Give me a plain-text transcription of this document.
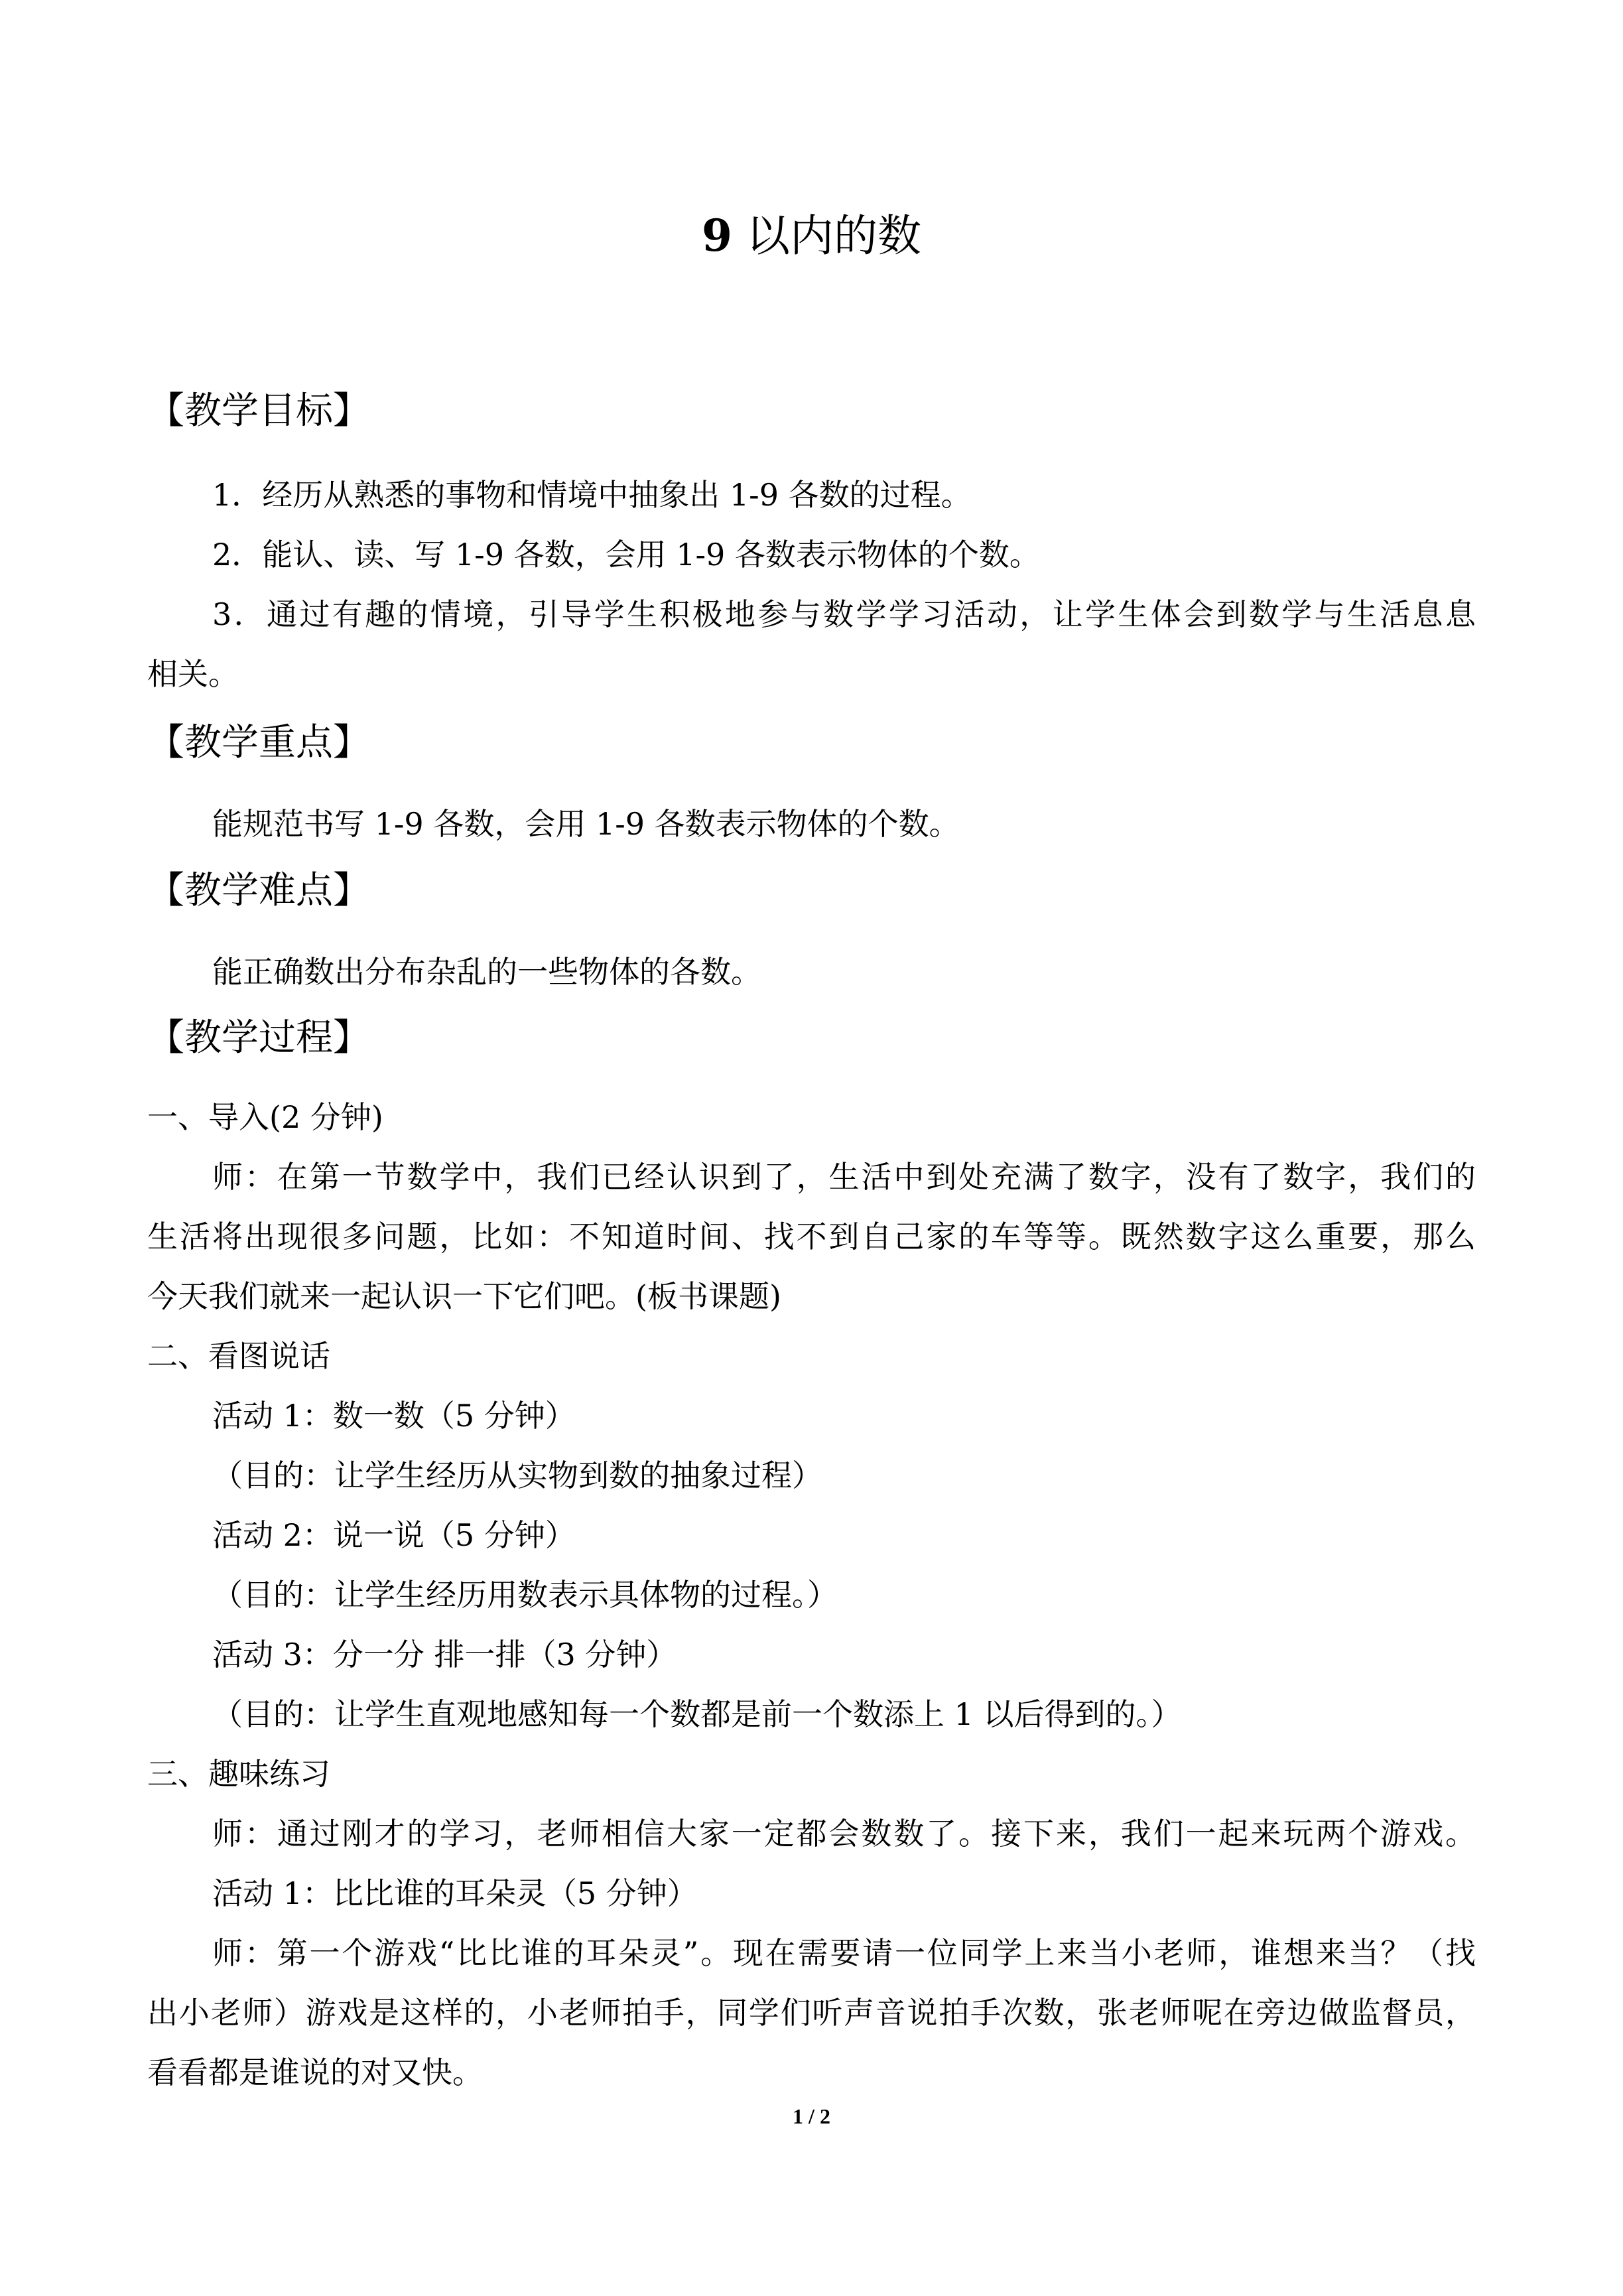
9 以内的数
【教学目标】

1．经历从熟悉的事物和情境中抽象出 1-9 各数的过程。

2．能认、读、写 1-9 各数，会用 1-9 各数表示物体的个数。

3．通过有趣的情境，引导学生积极地参与数学学习活动，让学生体会到数学与生活息息

相关。

【教学重点】

能规范书写 1-9 各数，会用 1-9 各数表示物体的个数。

【教学难点】

能正确数出分布杂乱的一些物体的各数。

【教学过程】

一、导入(2 分钟)

师：在第一节数学中，我们已经认识到了，生活中到处充满了数字，没有了数字，我们的

生活将出现很多问题，比如：不知道时间、找不到自己家的车等等。既然数字这么重要，那么

今天我们就来一起认识一下它们吧。(板书课题)

二、看图说话

活动 1：数一数（5 分钟）

（目的：让学生经历从实物到数的抽象过程）

活动 2：说一说（5 分钟）

（目的：让学生经历用数表示具体物的过程。）

活动 3：分一分 排一排（3 分钟）

（目的：让学生直观地感知每一个数都是前一个数添上 1 以后得到的。）

三、趣味练习

师：通过刚才的学习，老师相信大家一定都会数数了。接下来，我们一起来玩两个游戏。

活动 1：比比谁的耳朵灵（5 分钟）

师：第一个游戏“比比谁的耳朵灵”。现在需要请一位同学上来当小老师，谁想来当？（找

出小老师）游戏是这样的，小老师拍手，同学们听声音说拍手次数，张老师呢在旁边做监督员，

看看都是谁说的对又快。

1 / 2
